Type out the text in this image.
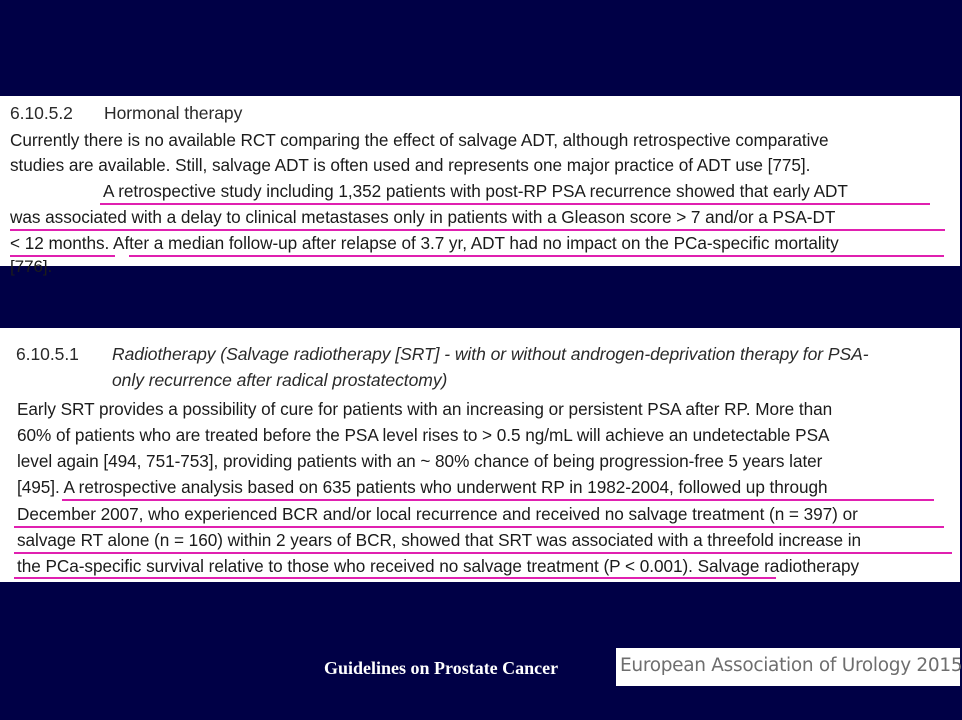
6.10.5.2 Hormonal therapy
Currently there is no available RCT comparing the effect of salvage ADT, although retrospective comparative
studies are available. Still, salvage ADT is often used and represents one major practice of ADT use [775].
A retrospective study including 1,352 patients with post-RP PSA recurrence showed that early ADT
was associated with a delay to clinical metastases only in patients with a Gleason score > 7 and/or a PSA-DT
< 12 months. After a median follow-up after relapse of 3.7 yr, ADT had no impact on the PCa-specific mortality
[776].
6.10.5.1 Radiotherapy (Salvage radiotherapy [SRT] - with or without androgen-deprivation therapy for PSA-
only recurrence after radical prostatectomy)
Early SRT provides a possibility of cure for patients with an increasing or persistent PSA after RP. More than
60% of patients who are treated before the PSA level rises to > 0.5 ng/mL will achieve an undetectable PSA
level again [494, 751-753], providing patients with an ~ 80% chance of being progression-free 5 years later
[495]. A retrospective analysis based on 635 patients who underwent RP in 1982-2004, followed up through
December 2007, who experienced BCR and/or local recurrence and received no salvage treatment (n = 397) or
salvage RT alone (n = 160) within 2 years of BCR, showed that SRT was associated with a threefold increase in
the PCa-specific survival relative to those who received no salvage treatment (P < 0.001). Salvage radiotherapy
Guidelines on Prostate Cancer	European Association of Urology 2015
